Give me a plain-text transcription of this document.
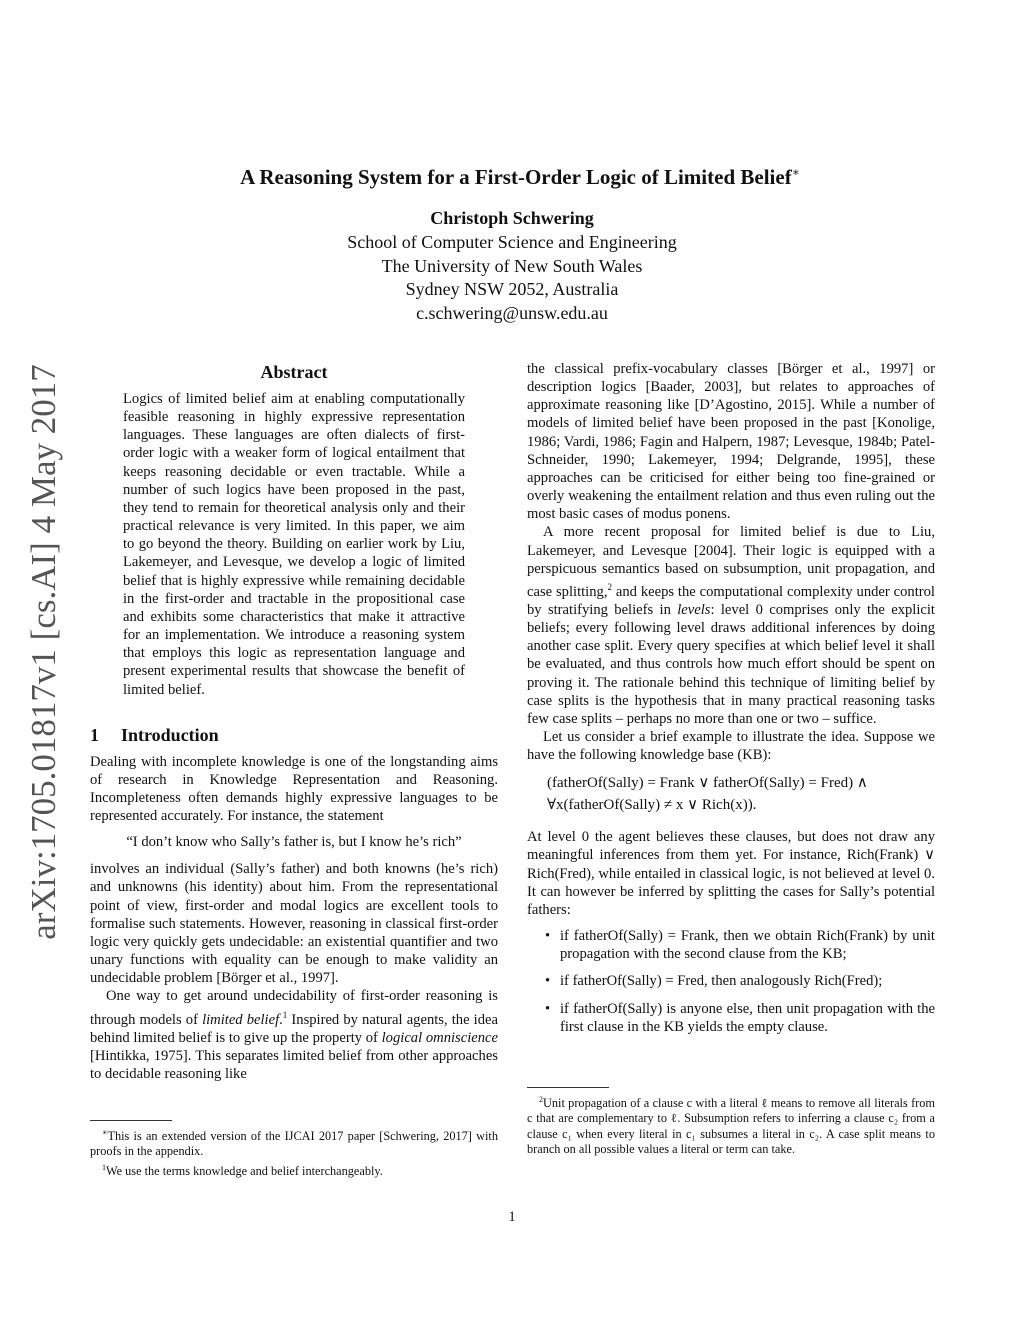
arXiv:1705.01817v1 [cs.AI] 4 May 2017
A Reasoning System for a First-Order Logic of Limited Belief∗
Christoph Schwering
School of Computer Science and Engineering
The University of New South Wales
Sydney NSW 2052, Australia
c.schwering@unsw.edu.au
Abstract
Logics of limited belief aim at enabling computationally feasible reasoning in highly expressive representation languages. These languages are often dialects of first-order logic with a weaker form of logical entailment that keeps reasoning decidable or even tractable. While a number of such logics have been proposed in the past, they tend to remain for theoretical analysis only and their practical relevance is very limited. In this paper, we aim to go beyond the theory. Building on earlier work by Liu, Lakemeyer, and Levesque, we develop a logic of limited belief that is highly expressive while remaining decidable in the first-order and tractable in the propositional case and exhibits some characteristics that make it attractive for an implementation. We introduce a reasoning system that employs this logic as representation language and present experimental results that showcase the benefit of limited belief.
1 Introduction

Dealing with incomplete knowledge is one of the longstanding aims of research in Knowledge Representation and Reasoning. Incompleteness often demands highly expressive languages to be represented accurately. For instance, the statement

“I don’t know who Sally’s father is, but I know he’s rich”

involves an individual (Sally’s father) and both knowns (he’s rich) and unknowns (his identity) about him. From the representational point of view, first-order and modal logics are excellent tools to formalise such statements. However, reasoning in classical first-order logic very quickly gets undecidable: an existential quantifier and two unary functions with equality can be enough to make validity an undecidable problem [Börger et al., 1997].

One way to get around undecidability of first-order reasoning is through models of limited belief.$^1$ Inspired by natural agents, the idea behind limited belief is to give up the property of logical omniscience [Hintikka, 1975]. This separates limited belief from other approaches to decidable reasoning like

∗This is an extended version of the IJCAI 2017 paper [Schwering, 2017] with proofs in the appendix.
$^1$We use the terms knowledge and belief interchangeably.

the classical prefix-vocabulary classes [Börger et al., 1997] or description logics [Baader, 2003], but relates to approaches of approximate reasoning like [D’Agostino, 2015]. While a number of models of limited belief have been proposed in the past [Konolige, 1986; Vardi, 1986; Fagin and Halpern, 1987; Levesque, 1984b; Patel-Schneider, 1990; Lakemeyer, 1994; Delgrande, 1995], these approaches can be criticised for either being too fine-grained or overly weakening the entailment relation and thus even ruling out the most basic cases of modus ponens.

A more recent proposal for limited belief is due to Liu, Lakemeyer, and Levesque [2004]. Their logic is equipped with a perspicuous semantics based on subsumption, unit propagation, and case splitting,$^2$ and keeps the computational complexity under control by stratifying beliefs in levels: level 0 comprises only the explicit beliefs; every following level draws additional inferences by doing another case split. Every query specifies at which belief level it shall be evaluated, and thus controls how much effort should be spent on proving it. The rationale behind this technique of limiting belief by case splits is the hypothesis that in many practical reasoning tasks few case splits – perhaps no more than one or two – suffice.

Let us consider a brief example to illustrate the idea. Suppose we have the following knowledge base (KB):

(fatherOf(Sally) = Frank ∨ fatherOf(Sally) = Fred) ∧
∀x(fatherOf(Sally) ≠ x ∨ Rich(x)).

At level 0 the agent believes these clauses, but does not draw any meaningful inferences from them yet. For instance, Rich(Frank) ∨ Rich(Fred), while entailed in classical logic, is not believed at level 0. It can however be inferred by splitting the cases for Sally’s potential fathers:

• if fatherOf(Sally) = Frank, then we obtain Rich(Frank) by unit propagation with the second clause from the KB;
• if fatherOf(Sally) = Fred, then analogously Rich(Fred);
• if fatherOf(Sally) is anyone else, then unit propagation with the first clause in the KB yields the empty clause.
$^2$Unit propagation of a clause c with a literal ℓ means to remove all literals from c that are complementary to ℓ. Subsumption refers to inferring a clause c₂ from a clause c₁ when every literal in c₁ subsumes a literal in c₂. A case split means to branch on all possible values a literal or term can take.
1
